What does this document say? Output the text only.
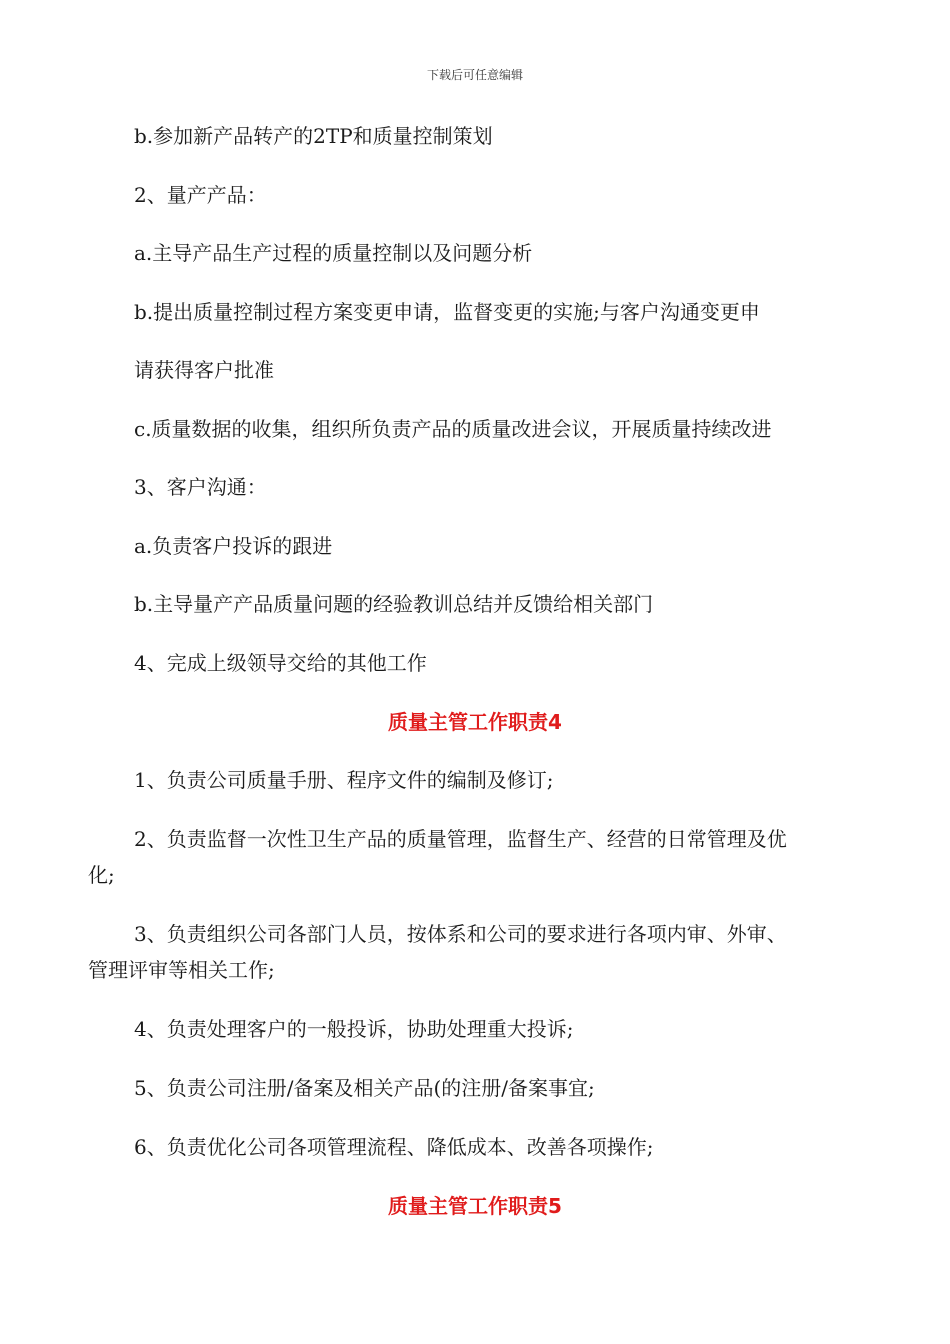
下载后可任意编辑
b.参加新产品转产的2TP和质量控制策划
2、量产产品：
a.主导产品生产过程的质量控制以及问题分析
b.提出质量控制过程方案变更申请，监督变更的实施;与客户沟通变更申
请获得客户批准
c.质量数据的收集，组织所负责产品的质量改进会议，开展质量持续改进
3、客户沟通：
a.负责客户投诉的跟进
b.主导量产产品质量问题的经验教训总结并反馈给相关部门
4、完成上级领导交给的其他工作
质量主管工作职责4
1、负责公司质量手册、程序文件的编制及修订;
2、负责监督一次性卫生产品的质量管理，监督生产、经营的日常管理及优
化;
3、负责组织公司各部门人员，按体系和公司的要求进行各项内审、外审、
管理评审等相关工作;
4、负责处理客户的一般投诉，协助处理重大投诉;
5、负责公司注册/备案及相关产品(的注册/备案事宜;
6、负责优化公司各项管理流程、降低成本、改善各项操作;
质量主管工作职责5
